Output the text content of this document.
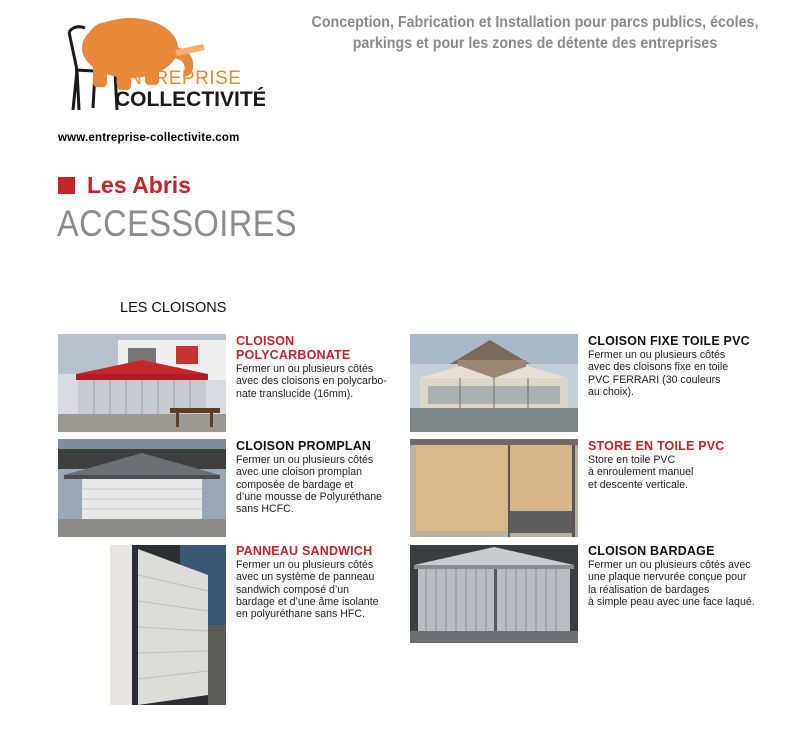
ENTREPRISE
COLLECTIVITÉ
Conception, Fabrication et Installation pour parcs publics, écoles,
parkings et pour les zones de détente des entreprises
www.entreprise-collectivite.com
Les Abris
ACCESSOIRES
LES CLOISONS
CLOISON POLYCARBONATE
Fermer un ou plusieurs côtés
avec des cloisons en polycarbo-
nate translucide (16mm).
CLOISON FIXE TOILE PVC
Fermer un ou plusieurs côtés
avec des cloisons fixe en toile
PVC FERRARI (30 couleurs
au choix).
CLOISON PROMPLAN
Fermer un ou plusieurs côtés
avec une cloison promplan
composée de bardage et
d’une mousse de Polyuréthane
sans HCFC.
STORE EN TOILE PVC
Store en toile PVC
à enroulement manuel
et descente verticale.
PANNEAU SANDWICH
Fermer un ou plusieurs côtés
avec un système de panneau
sandwich composé d’un
bardage et d’une âme isolante
en polyuréthane sans HFC.
CLOISON BARDAGE
Fermer un ou plusieurs côtés avec
une plaque nervurée conçue pour
la réalisation de bardages
à simple peau avec une face laqué.
